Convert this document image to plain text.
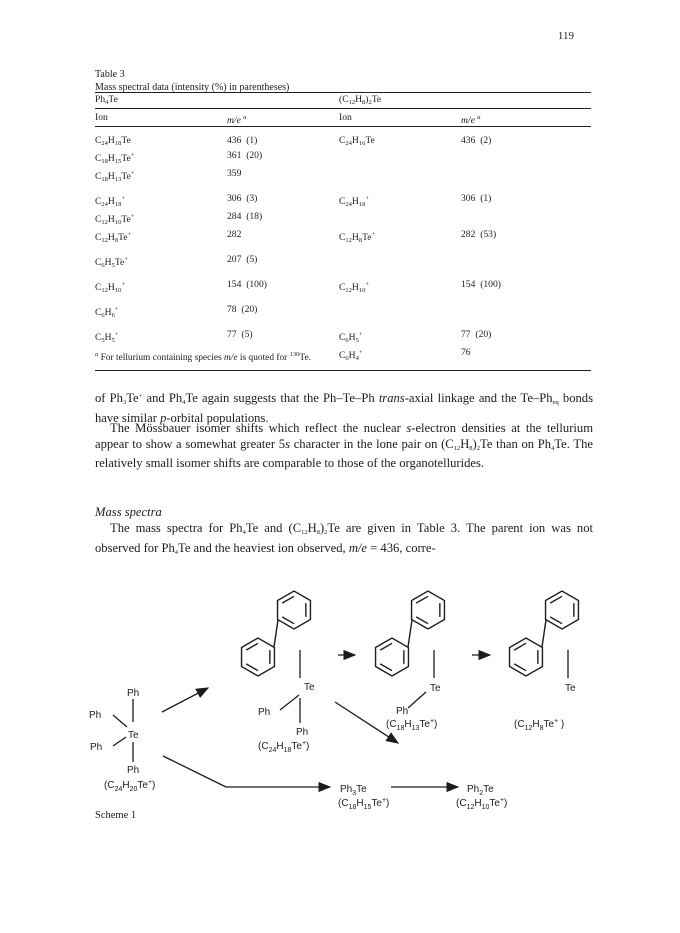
119
Table 3
Mass spectral data (intensity (%) in parentheses)
$Ph_4Te$		$(C_{12}H_8)_2Te$	
Ion	m/e $^a$	Ion	m/e $^a$
$C_{24}H_{18}Te$	436  (1)	$C_{24}H_{16}Te$	436  (2)
$C_{18}H_{15}Te^+$	361  (20)		
$C_{18}H_{13}Te^+$	359		
$C_{24}H_{18}^+$	306  (3)	$C_{24}H_{18}^+$	306  (1)
$C_{12}H_{10}Te^+$	284  (18)		
$C_{12}H_8Te^+$	282	$C_{12}H_8Te^+$	282  (53)
$C_6H_5Te^+$	207  (5)		
$C_{12}H_{10}^+$	154  (100)	$C_{12}H_{10}^+$	154  (100)
$C_6H_6^+$	78  (20)		
$C_5H_5^+$	77  (5)	$C_6H_5^+$	77  (20)
		$C_6H_4^+$	76
$^a$ For tellurium containing species m/e is quoted for $^{130}$Te.
of $Ph_3Te^+$ and $Ph_4Te$ again suggests that the Ph–Te–Ph trans-axial linkage and the $Te-Ph_{eq}$ bonds have similar p-orbital populations.
The Mössbauer isomer shifts which reflect the nuclear s-electron densities at the tellurium appear to show a somewhat greater 5s character in the lone pair on $(C_{12}H_8)_2Te$ than on $Ph_4Te$. The relatively small isomer shifts are comparable to those of the organotellurides.
Mass spectra
The mass spectra for $Ph_4Te$ and $(C_{12}H_8)_2Te$ are given in Table 3. The parent ion was not observed for $Ph_4Te$ and the heaviest ion observed, m/e = 436, corre-
Ph
Ph
Te
Ph
Ph
$(C_{24}H_{20}Te^+)$
Te
Ph
Ph
$(C_{24}H_{18}Te^+)$
Te
Ph
$(C_{18}H_{13}Te^+)$
Te
($C_{12}H_8Te^+$ )
$Ph_3Te$
$(C_{18}H_{15}Te^+)$
$Ph_2Te$
$(C_{12}H_{10}Te^+)$
Scheme 1
